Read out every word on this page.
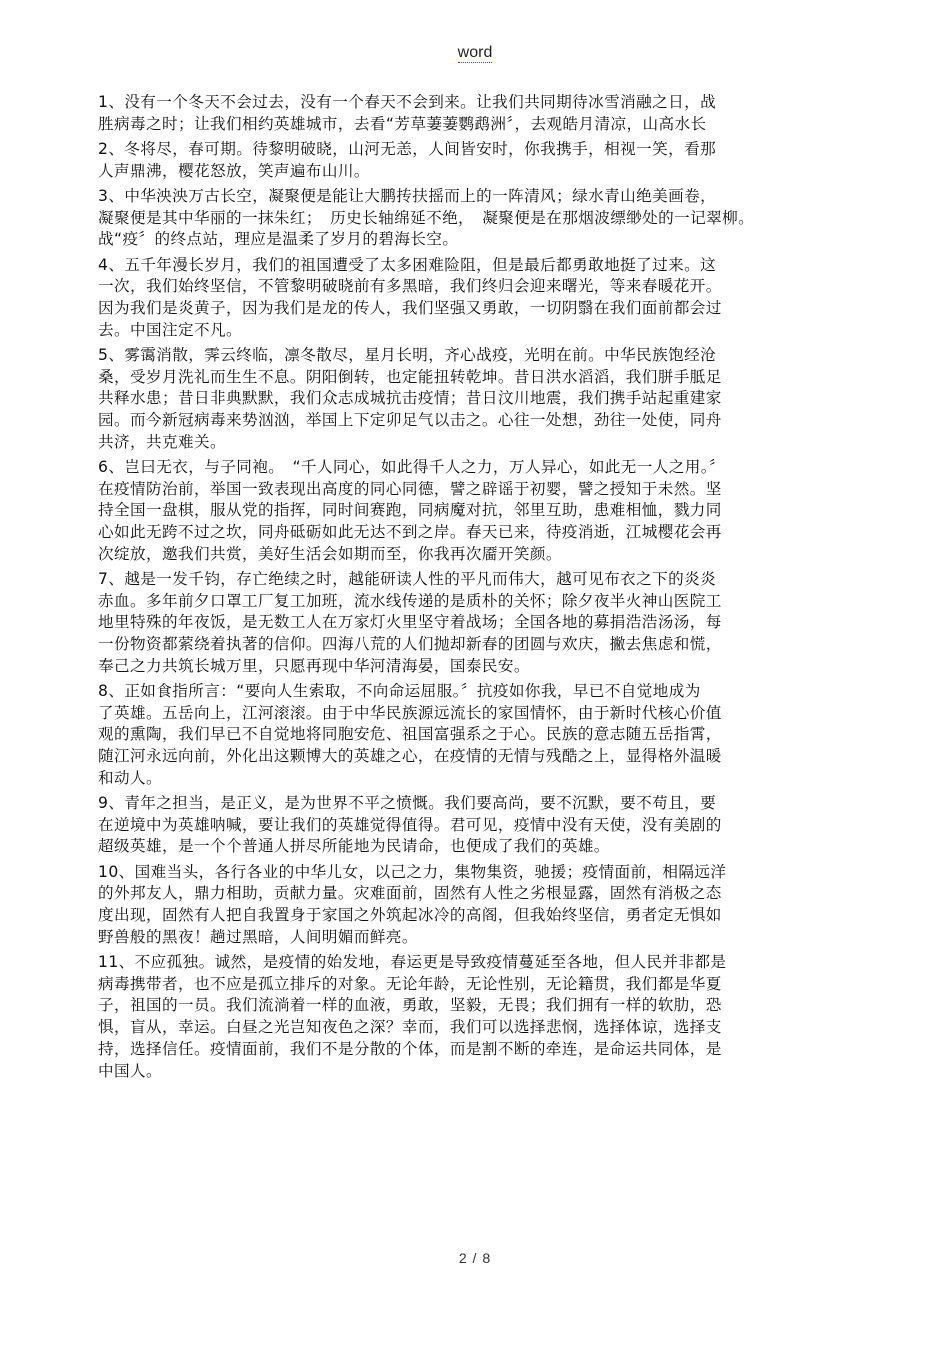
word
1、没有一个冬天不会过去，没有一个春天不会到来。让我们共同期待冰雪消融之日，战
胜病毒之时；让我们相约英雄城市，去看“芳草萋萋鹦鹉洲〞，去观皓月清凉，山高水长
2、冬将尽，春可期。待黎明破晓，山河无恙，人间皆安时，你我携手，相视一笑，看那
人声鼎沸，樱花怒放，笑声遍布山川。
3、中华泱泱万古长空，凝聚便是能让大鹏抟扶摇而上的一阵清风；绿水青山绝美画卷，
凝聚便是其中华丽的一抹朱红；　历史长轴绵延不绝，　凝聚便是在那烟波缥缈处的一记翠柳。
战“疫〞的终点站，理应是温柔了岁月的碧海长空。
4、五千年漫长岁月，我们的祖国遭受了太多困难险阻，但是最后都勇敢地挺了过来。这
一次，我们始终坚信，不管黎明破晓前有多黑暗，我们终归会迎来曙光，等来春暖花开。
因为我们是炎黄子，因为我们是龙的传人，我们坚强又勇敢，一切阴翳在我们面前都会过
去。中国注定不凡。
5、雾霭消散，霁云终临，凛冬散尽，星月长明，齐心战疫，光明在前。中华民族饱经沧
桑，受岁月洗礼而生生不息。阴阳倒转，也定能扭转乾坤。昔日洪水滔滔，我们胼手胝足
共释水患；昔日非典默默，我们众志成城抗击疫情；昔日汶川地震，我们携手站起重建家
园。而今新冠病毒来势汹汹，举国上下定卯足气以击之。心往一处想，劲往一处使，同舟
共济，共克难关。
6、岂曰无衣，与子同袍。　“千人同心，如此得千人之力，万人异心，如此无一人之用。〞
在疫情防治前，举国一致表现出高度的同心同德，譬之辟谣于初婴，譬之授知于未然。坚
持全国一盘棋，服从党的指挥，同时间赛跑，同病魔对抗，邻里互助，患难相恤，戮力同
心如此无跨不过之坎，同舟砥砺如此无达不到之岸。春天已来，待疫消逝，江城樱花会再
次绽放，邀我们共赏，美好生活会如期而至，你我再次靥开笑颜。
7、越是一发千钧，存亡绝续之时，越能研读人性的平凡而伟大，越可见布衣之下的炎炎
赤血。多年前夕口罩工厂复工加班，流水线传递的是质朴的关怀；除夕夜半火神山医院工
地里特殊的年夜饭，是无数工人在万家灯火里坚守着战场；全国各地的募捐浩浩汤汤，每
一份物资都萦绕着执著的信仰。四海八荒的人们抛却新春的团圆与欢庆，撇去焦虑和慌，
奉己之力共筑长城万里，只愿再现中华河清海晏，国泰民安。
8、正如食指所言：“要向人生索取，不向命运屈服。〞抗疫如你我，早已不自觉地成为
了英雄。五岳向上，江河滚滚。由于中华民族源远流长的家国情怀，由于新时代核心价值
观的熏陶，我们早已不自觉地将同胞安危、祖国富强系之于心。民族的意志随五岳指霄，
随江河永远向前，外化出这颗博大的英雄之心，在疫情的无情与残酷之上，显得格外温暖
和动人。
9、青年之担当，是正义，是为世界不平之愤慨。我们要高尚，要不沉默，要不苟且，要
在逆境中为英雄呐喊，要让我们的英雄觉得值得。君可见，疫情中没有天使，没有美剧的
超级英雄，是一个个普通人拼尽所能地为民请命，也便成了我们的英雄。
10、国难当头，各行各业的中华儿女，以己之力，集物集资，驰援；疫情面前，相隔远洋
的外邦友人，鼎力相助，贡献力量。灾难面前，固然有人性之劣根显露，固然有消极之态
度出现，固然有人把自我置身于家国之外筑起冰冷的高阁，但我始终坚信，勇者定无惧如
野兽般的黑夜！趟过黑暗，人间明媚而鲜亮。
11、不应孤独。诚然，是疫情的始发地，春运更是导致疫情蔓延至各地，但人民并非都是
病毒携带者，也不应是孤立排斥的对象。无论年龄，无论性别，无论籍贯，我们都是华夏
子，祖国的一员。我们流淌着一样的血液，勇敢，坚毅，无畏；我们拥有一样的软肋，恐
惧，盲从，幸运。白昼之光岂知夜色之深？幸而，我们可以选择悲悯，选择体谅，选择支
持，选择信任。疫情面前，我们不是分散的个体，而是割不断的牵连，是命运共同体，是
中国人。
2 / 8
